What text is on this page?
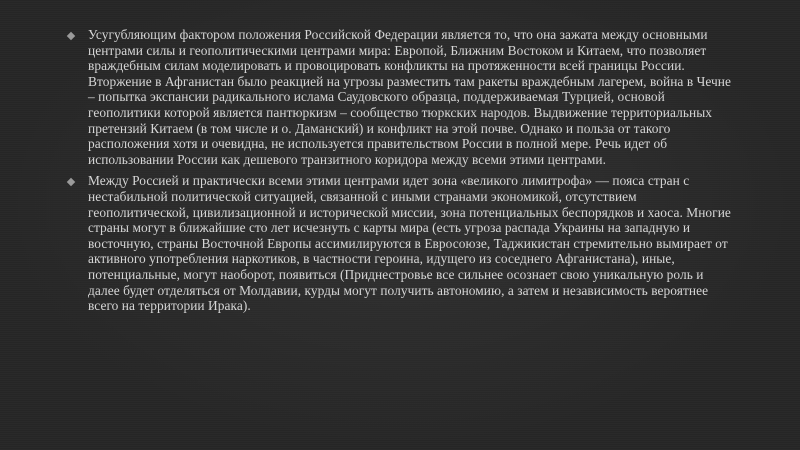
Усугубляющим фактором положения Российской Федерации является то, что она зажата между основными центрами силы и геополитическими центрами мира: Европой, Ближним Востоком и Китаем, что позволяет враждебным силам моделировать и провоцировать конфликты на протяженности всей границы России. Вторжение в Афганистан было реакцией на угрозы разместить там ракеты враждебным лагерем, война в Чечне – попытка экспансии радикального ислама Саудовского образца, поддерживаемая Турцией, основой геополитики которой является пантюркизм – сообщество тюркских народов. Выдвижение территориальных претензий Китаем (в том числе и о. Даманский) и конфликт на этой почве. Однако и польза от такого расположения хотя и очевидна, не используется правительством России в полной мере. Речь идет об использовании России как дешевого транзитного коридора между всеми этими центрами.
Между Россией и практически всеми этими центрами идет зона «великого лимитрофа» — пояса стран с нестабильной политической ситуацией, связанной с иными странами экономикой, отсутствием геополитической, цивилизационной и исторической миссии, зона потенциальных беспорядков и хаоса. Многие страны могут в ближайшие сто лет исчезнуть с карты мира (есть угроза распада Украины на западную и восточную, страны Восточной Европы ассимилируются в Евросоюзе, Таджикистан стремительно вымирает от активного употребления наркотиков, в частности героина, идущего из соседнего Афганистана), иные, потенциальные, могут наоборот, появиться (Приднестровье все сильнее осознает свою уникальную роль и далее будет отделяться от Молдавии, курды могут получить автономию, а затем и независимость вероятнее всего на территории Ирака).
